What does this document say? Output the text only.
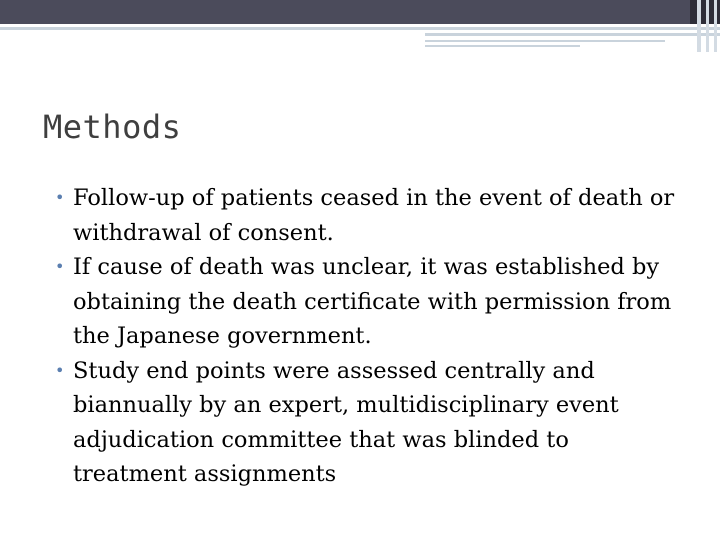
Methods
• Follow-up of patients ceased in the event of death or withdrawal of consent.
• If cause of death was unclear, it was established by obtaining the death certificate with permission from the Japanese government.
• Study end points were assessed centrally and biannually by an expert, multidisciplinary event adjudication committee that was blinded to treatment assignments
